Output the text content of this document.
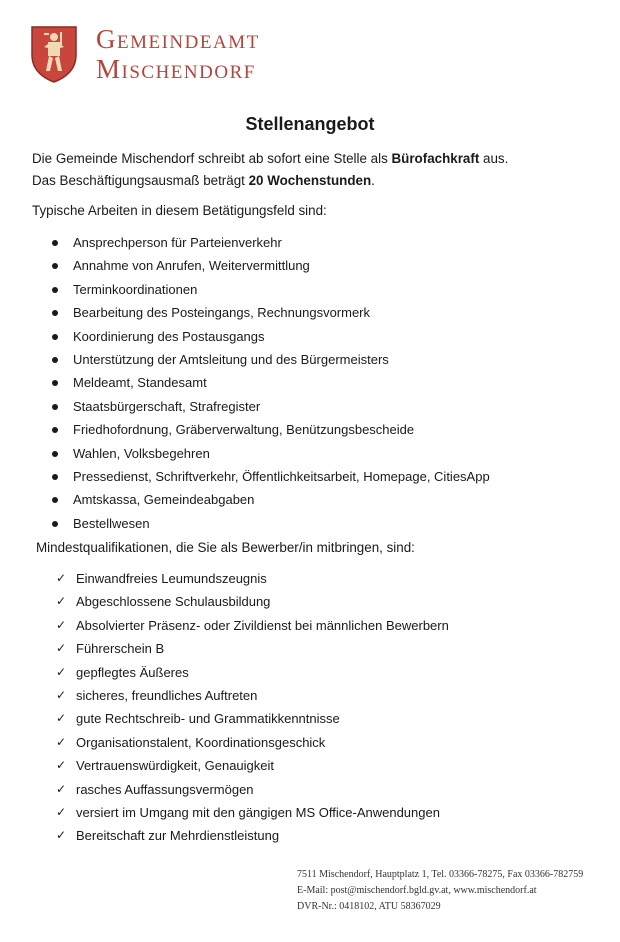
Gemeindeamt
Mischendorf
Stellenangebot
Die Gemeinde Mischendorf schreibt ab sofort eine Stelle als Bürofachkraft aus.
Das Beschäftigungsausmaß beträgt 20 Wochenstunden.
Typische Arbeiten in diesem Betätigungsfeld sind:
Ansprechperson für Parteienverkehr
Annahme von Anrufen, Weitervermittlung
Terminkoordinationen
Bearbeitung des Posteingangs, Rechnungsvormerk
Koordinierung des Postausgangs
Unterstützung der Amtsleitung und des Bürgermeisters
Meldeamt, Standesamt
Staatsbürgerschaft, Strafregister
Friedhofordnung, Gräberverwaltung, Benützungsbescheide
Wahlen, Volksbegehren
Pressedienst, Schriftverkehr, Öffentlichkeitsarbeit, Homepage, CitiesApp
Amtskassa, Gemeindeabgaben
Bestellwesen
Mindestqualifikationen, die Sie als Bewerber/in mitbringen, sind:
✓ Einwandfreies Leumundszeugnis
✓ Abgeschlossene Schulausbildung
✓ Absolvierter Präsenz- oder Zivildienst bei männlichen Bewerbern
✓ Führerschein B
✓ gepflegtes Äußeres
✓ sicheres, freundliches Auftreten
✓ gute Rechtschreib- und Grammatikkenntnisse
✓ Organisationstalent, Koordinationsgeschick
✓ Vertrauenswürdigkeit, Genauigkeit
✓ rasches Auffassungsvermögen
✓ versiert im Umgang mit den gängigen MS Office-Anwendungen
✓ Bereitschaft zur Mehrdienstleistung
7511 Mischendorf, Hauptplatz 1, Tel. 03366-78275, Fax 03366-782759
E-Mail: post@mischendorf.bgld.gv.at, www.mischendorf.at
DVR-Nr.: 0418102, ATU 58367029
